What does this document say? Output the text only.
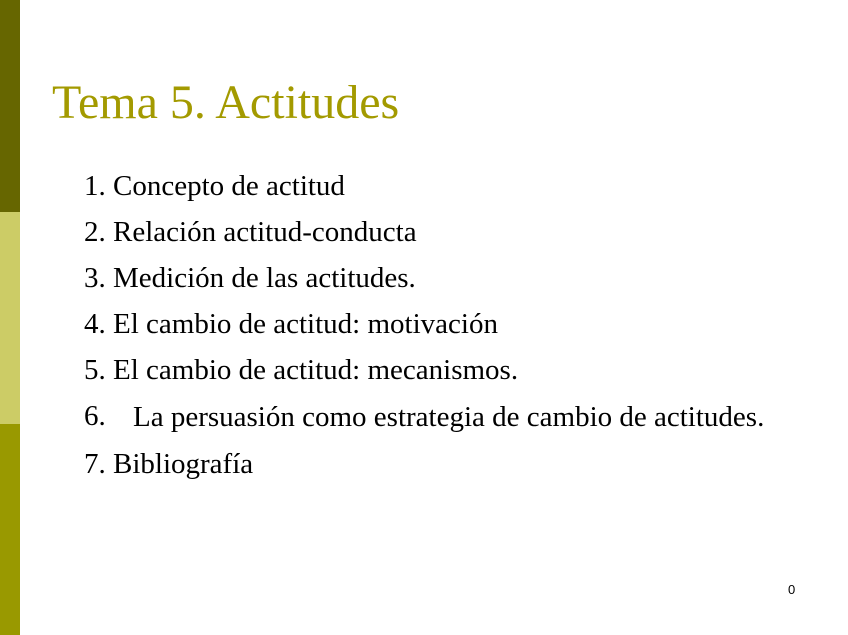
Tema 5. Actitudes
1.
Concepto de actitud
2.
Relación actitud-conducta
3.
Medición de las actitudes.
4.
El cambio de actitud: motivación
5.
El cambio de actitud: mecanismos.
6. La persuasión como estrategia de cambio de actitudes.
7.
Bibliografía
0
